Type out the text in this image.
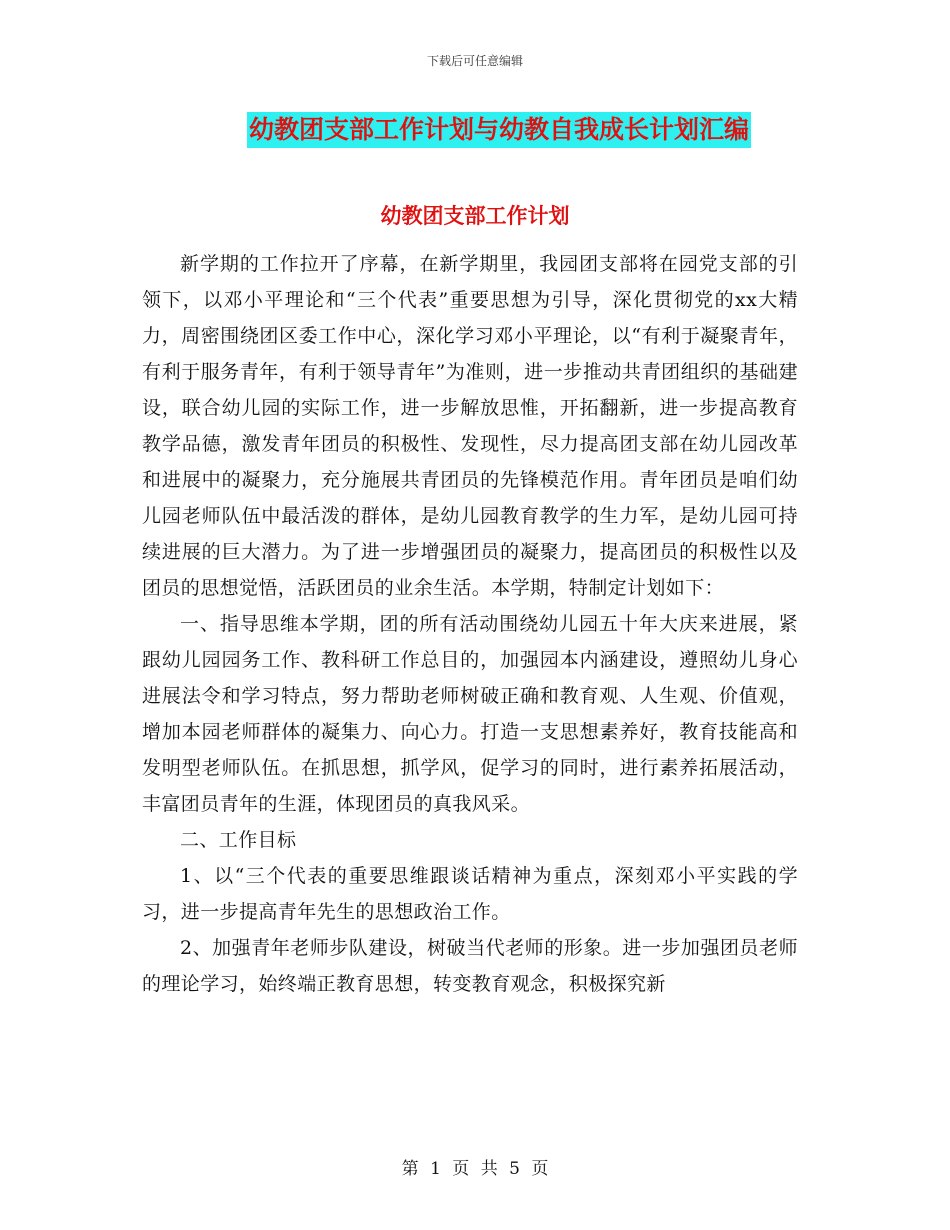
下载后可任意编辑
幼教团支部工作计划与幼教自我成长计划汇编
幼教团支部工作计划

新学期的工作拉开了序幕，在新学期里，我园团支部将在园党支部的引领下，以邓小平理论和“三个代表”重要思想为引导，深化贯彻党的xx大精力，周密围绕团区委工作中心，深化学习邓小平理论，以“有利于凝聚青年，有利于服务青年，有利于领导青年”为准则，进一步推动共青团组织的基础建设，联合幼儿园的实际工作，进一步解放思惟，开拓翻新，进一步提高教育教学品德，激发青年团员的积极性、发现性，尽力提高团支部在幼儿园改革和进展中的凝聚力，充分施展共青团员的先锋模范作用。青年团员是咱们幼儿园老师队伍中最活泼的群体，是幼儿园教育教学的生力军，是幼儿园可持续进展的巨大潜力。为了进一步增强团员的凝聚力，提高团员的积极性以及团员的思想觉悟，活跃团员的业余生活。本学期，特制定计划如下：

一、指导思维本学期，团的所有活动围绕幼儿园五十年大庆来进展，紧跟幼儿园园务工作、教科研工作总目的，加强园本内涵建设，遵照幼儿身心进展法令和学习特点，努力帮助老师树破正确和教育观、人生观、价值观，增加本园老师群体的凝集力、向心力。打造一支思想素养好，教育技能高和发明型老师队伍。在抓思想，抓学风，促学习的同时，进行素养拓展活动，丰富团员青年的生涯，体现团员的真我风采。

二、工作目标

1、以“三个代表的重要思维跟谈话精神为重点，深刻邓小平实践的学习，进一步提高青年先生的思想政治工作。

2、加强青年老师步队建设，树破当代老师的形象。进一步加强团员老师的理论学习，始终端正教育思想，转变教育观念，积极探究新

第 1 页 共 5 页
